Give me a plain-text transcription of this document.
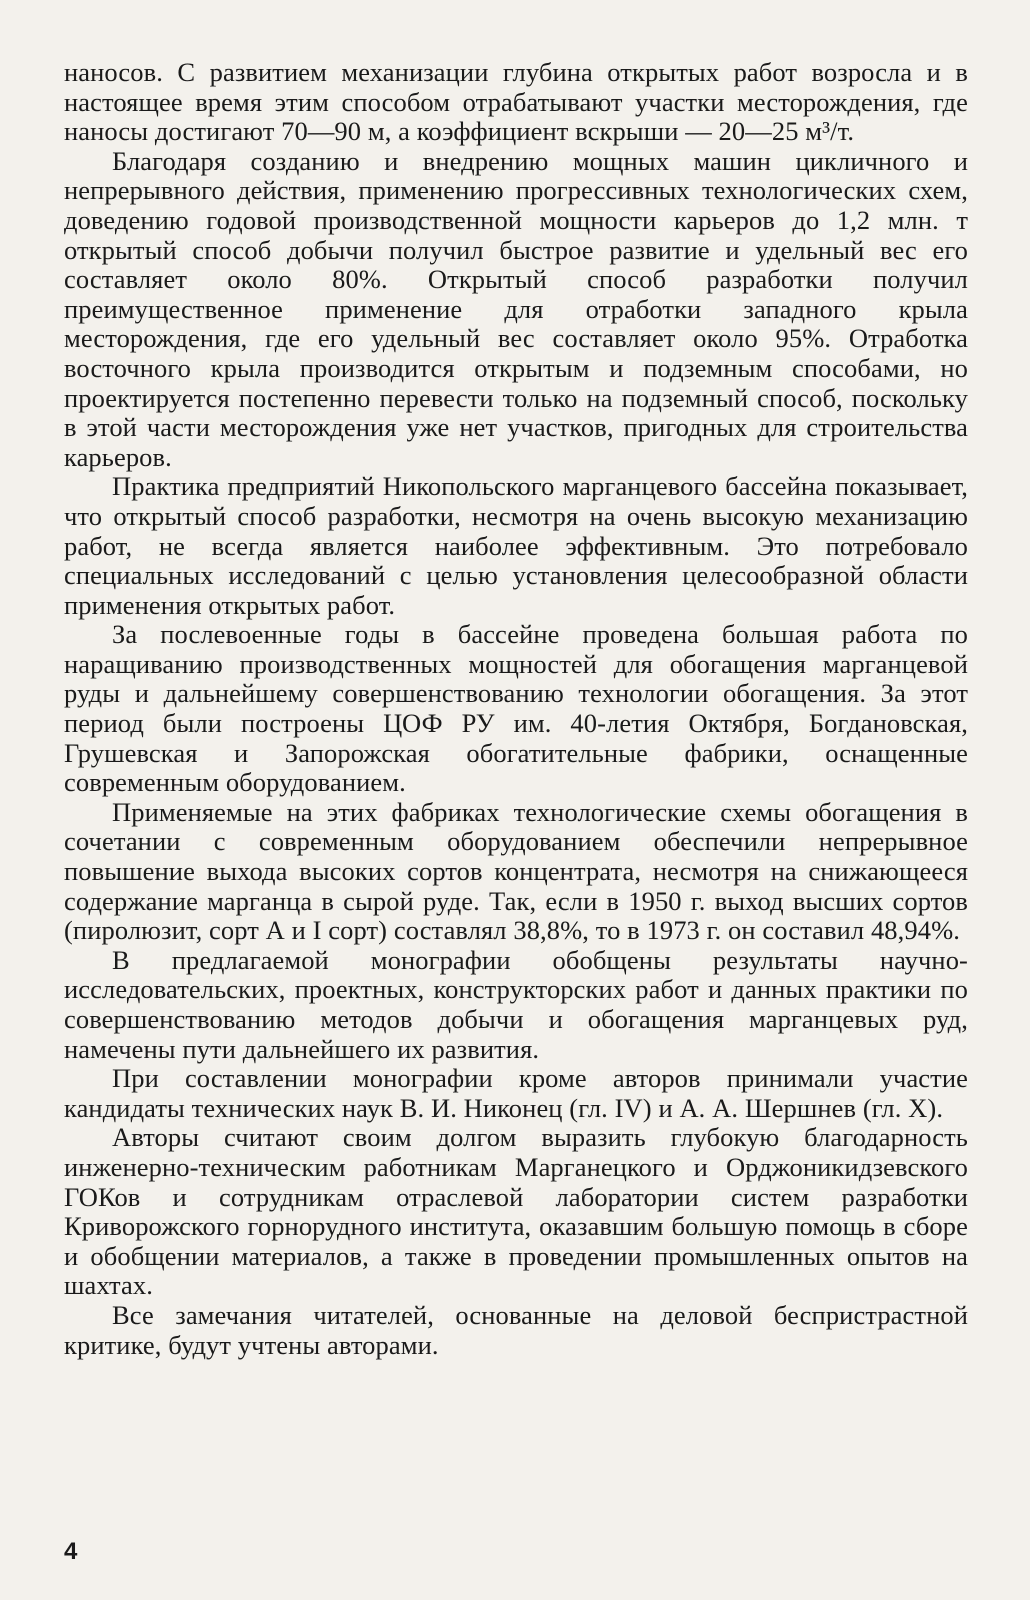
наносов. С развитием механизации глубина открытых работ возросла и в настоящее время этим способом отрабатывают участки месторождения, где наносы достигают 70—90 м, а коэффициент вскрыши — 20—25 м³/т.

Благодаря созданию и внедрению мощных машин цикличного и непрерывного действия, применению прогрессивных технологических схем, доведению годовой производственной мощности карьеров до 1,2 млн. т открытый способ добычи получил быстрое развитие и удельный вес его составляет около 80%. Открытый способ разработки получил преимущественное применение для отработки западного крыла месторождения, где его удельный вес составляет около 95%. Отработка восточного крыла производится открытым и подземным способами, но проектируется постепенно перевести только на подземный способ, поскольку в этой части месторождения уже нет участков, пригодных для строительства карьеров.

Практика предприятий Никопольского марганцевого бассейна показывает, что открытый способ разработки, несмотря на очень высокую механизацию работ, не всегда является наиболее эффективным. Это потребовало специальных исследований с целью установления целесообразной области применения открытых работ.

За послевоенные годы в бассейне проведена большая работа по наращиванию производственных мощностей для обогащения марганцевой руды и дальнейшему совершенствованию технологии обогащения. За этот период были построены ЦОФ РУ им. 40-летия Октября, Богдановская, Грушевская и Запорожская обогатительные фабрики, оснащенные современным оборудованием.

Применяемые на этих фабриках технологические схемы обогащения в сочетании с современным оборудованием обеспечили непрерывное повышение выхода высоких сортов концентрата, несмотря на снижающееся содержание марганца в сырой руде. Так, если в 1950 г. выход высших сортов (пиролюзит, сорт А и I сорт) составлял 38,8%, то в 1973 г. он составил 48,94%.

В предлагаемой монографии обобщены результаты научно-исследовательских, проектных, конструкторских работ и данных практики по совершенствованию методов добычи и обогащения марганцевых руд, намечены пути дальнейшего их развития.

При составлении монографии кроме авторов принимали участие кандидаты технических наук В. И. Никонец (гл. IV) и А. А. Шершнев (гл. X).

Авторы считают своим долгом выразить глубокую благодарность инженерно-техническим работникам Марганецкого и Орджоникидзевского ГОКов и сотрудникам отраслевой лаборатории систем разработки Криворожского горнорудного института, оказавшим большую помощь в сборе и обобщении материалов, а также в проведении промышленных опытов на шахтах.

Все замечания читателей, основанные на деловой беспристрастной критике, будут учтены авторами.

4
